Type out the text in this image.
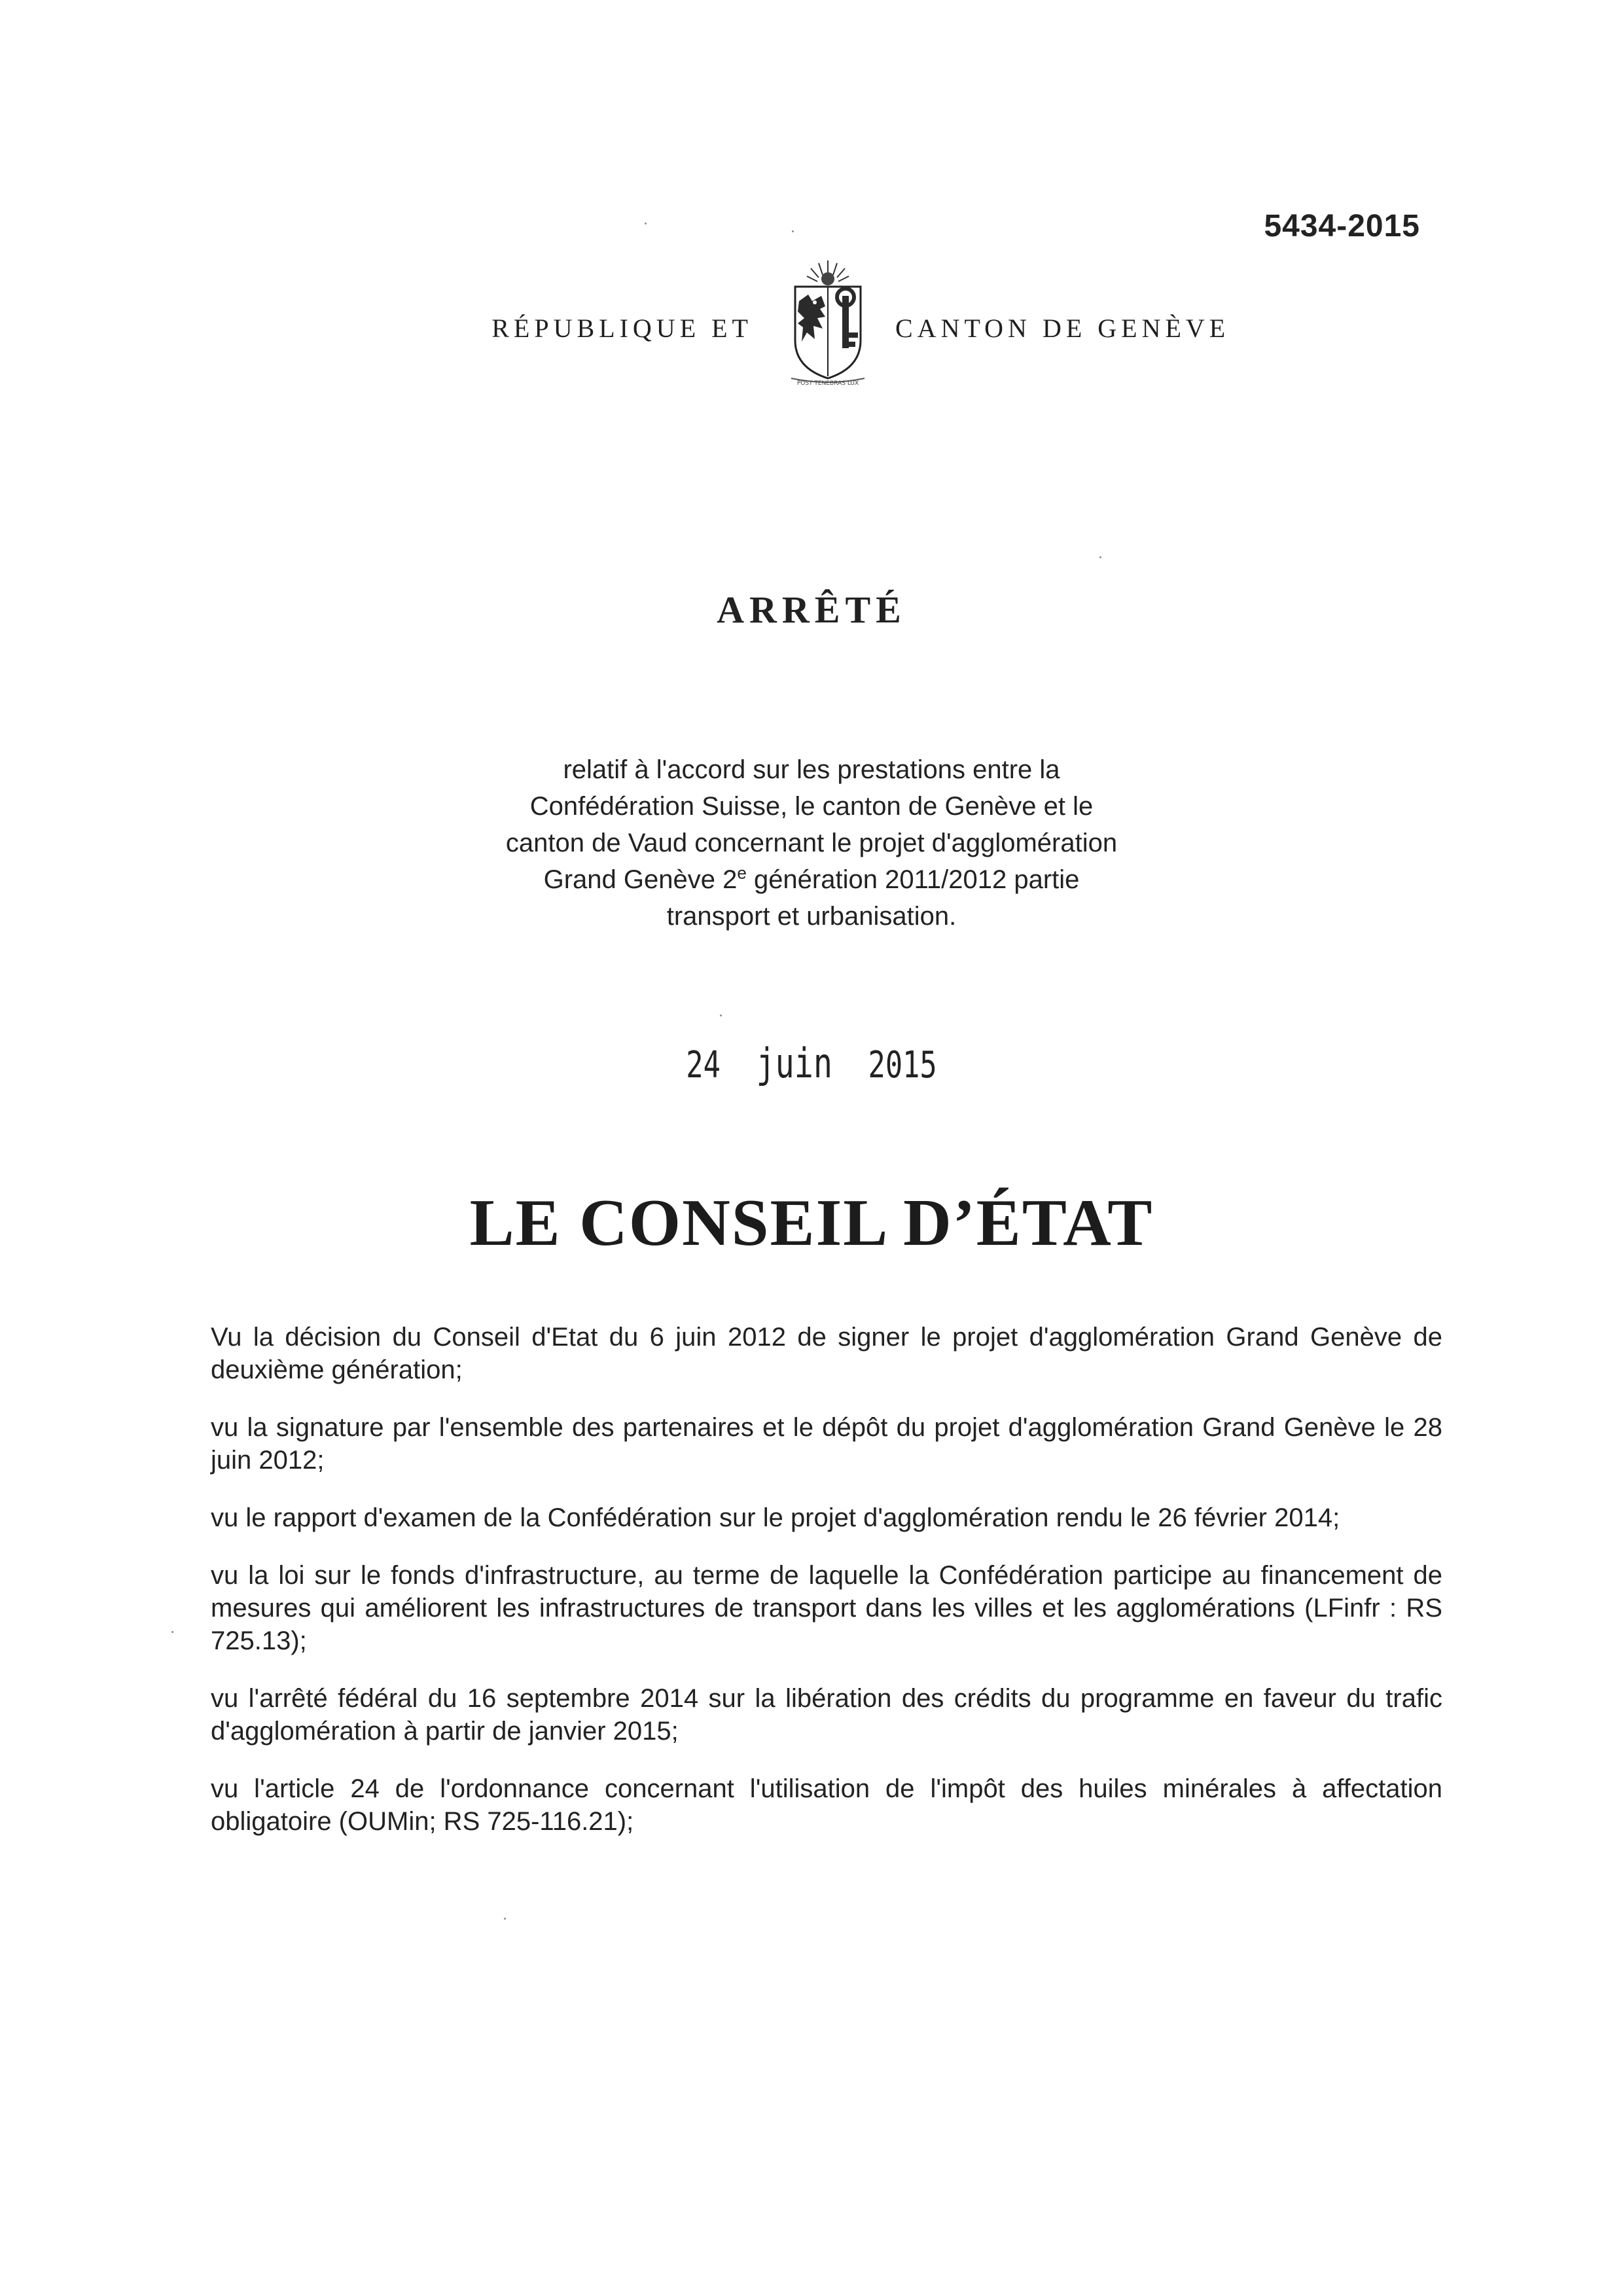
5434-2015
RÉPUBLIQUE ET
POST TENEBRAS LUX
CANTON DE GENÈVE
ARRÊTÉ
relatif à l'accord sur les prestations entre la
Confédération Suisse, le canton de Genève et le
canton de Vaud concernant le projet d'agglomération
Grand Genève 2e génération 2011/2012 partie
transport et urbanisation.
24 juin 2015
LE CONSEIL D’ÉTAT
Vu la décision du Conseil d'Etat du 6 juin 2012 de signer le projet d'agglomération Grand Genève de deuxième génération;
vu la signature par l'ensemble des partenaires et le dépôt du projet d'agglomération Grand Genève le 28 juin 2012;
vu le rapport d'examen de la Confédération sur le projet d'agglomération rendu le 26 février 2014;
vu la loi sur le fonds d'infrastructure, au terme de laquelle la Confédération participe au financement de mesures qui améliorent les infrastructures de transport dans les villes et les agglomérations (LFinfr : RS 725.13);
vu l'arrêté fédéral du 16 septembre 2014 sur la libération des crédits du programme en faveur du trafic d'agglomération à partir de janvier 2015;
vu l'article 24 de l'ordonnance concernant l'utilisation de l'impôt des huiles minérales à affectation obligatoire (OUMin; RS 725-116.21);
